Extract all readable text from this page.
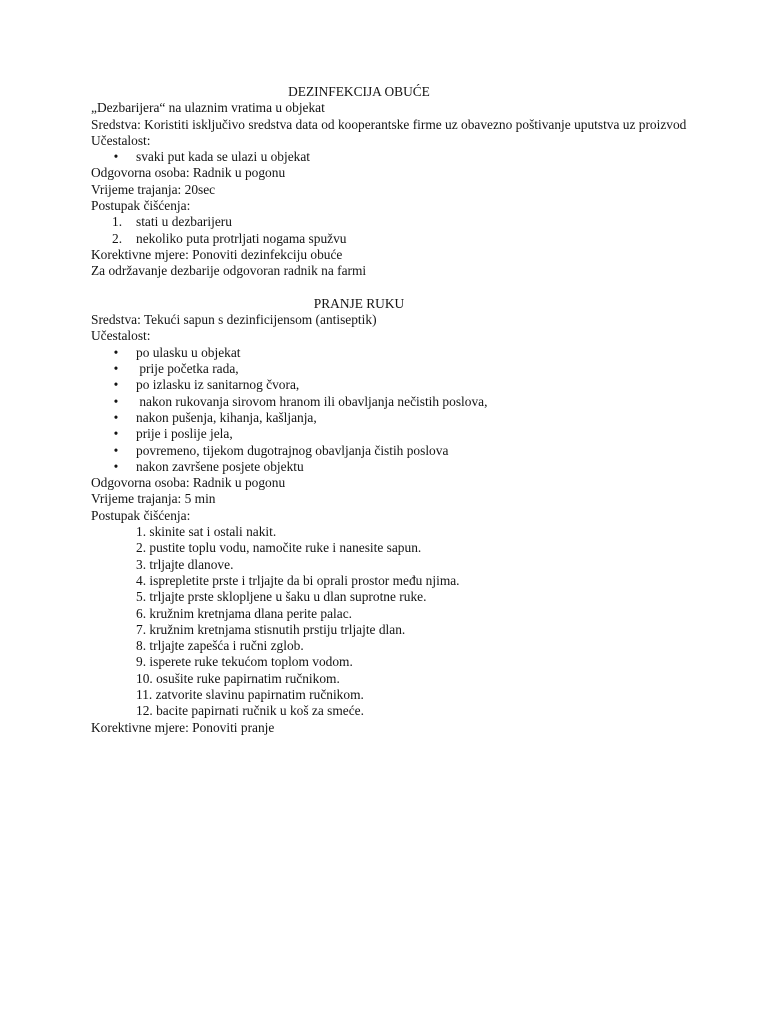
DEZINFEKCIJA OBUĆE
„Dezbarijera“ na ulaznim vratima u objekat
Sredstva: Koristiti isključivo sredstva data od kooperantske firme uz obavezno poštivanje uputstva uz proizvod
Učestalost:
• svaki put kada se ulazi u objekat
Odgovorna osoba: Radnik u pogonu
Vrijeme trajanja: 20sec
Postupak čišćenja:
1. stati u dezbarijeru
2. nekoliko puta protrljati nogama spužvu
Korektivne mjere: Ponoviti dezinfekciju obuće
Za održavanje dezbarije odgovoran radnik na farmi
PRANJE RUKU
Sredstva: Tekući sapun s dezinficijensom (antiseptik)
Učestalost:
• po ulasku u objekat
• prije početka rada,
• po izlasku iz sanitarnog čvora,
• nakon rukovanja sirovom hranom ili obavljanja nečistih poslova,
• nakon pušenja, kihanja, kašljanja,
• prije i poslije jela,
• povremeno, tijekom dugotrajnog obavljanja čistih poslova
• nakon završene posjete objektu
Odgovorna osoba: Radnik u pogonu
Vrijeme trajanja: 5 min
Postupak čišćenja:
1. skinite sat i ostali nakit.
2. pustite toplu vodu, namočite ruke i nanesite sapun.
3. trljajte dlanove.
4. isprepletite prste i trljajte da bi oprali prostor među njima.
5. trljajte prste sklopljene u šaku u dlan suprotne ruke.
6. kružnim kretnjama dlana perite palac.
7. kružnim kretnjama stisnutih prstiju trljajte dlan.
8. trljajte zapešća i ručni zglob.
9. isperete ruke tekućom toplom vodom.
10. osušite ruke papirnatim ručnikom.
11. zatvorite slavinu papirnatim ručnikom.
12. bacite papirnati ručnik u koš za smeće.
Korektivne mjere: Ponoviti pranje
